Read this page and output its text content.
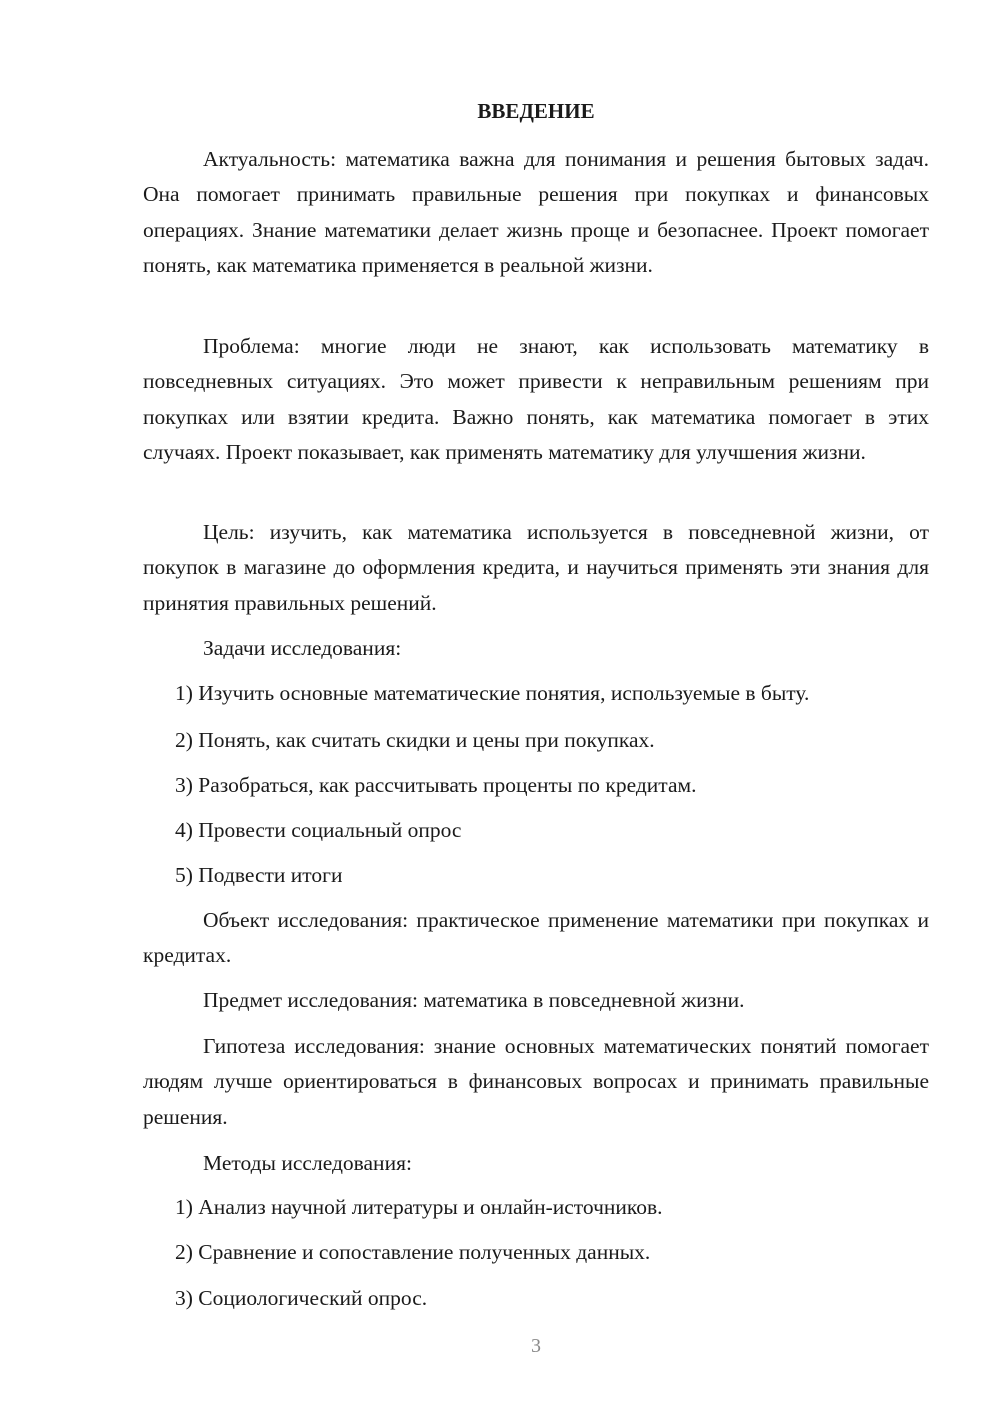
ВВЕДЕНИЕ

Актуальность: математика важна для понимания и решения бытовых задач. Она помогает принимать правильные решения при покупках и финансовых операциях. Знание математики делает жизнь проще и безопаснее. Проект помогает понять, как математика применяется в реальной жизни.

Проблема: многие люди не знают, как использовать математику в повседневных ситуациях. Это может привести к неправильным решениям при покупках или взятии кредита. Важно понять, как математика помогает в этих случаях. Проект показывает, как применять математику для улучшения жизни.

Цель: изучить, как математика используется в повседневной жизни, от покупок в магазине до оформления кредита, и научиться применять эти знания для принятия правильных решений.

Задачи исследования:

1) Изучить основные математические понятия, используемые в быту.

2) Понять, как считать скидки и цены при покупках.

3) Разобраться, как рассчитывать проценты по кредитам.

4) Провести социальный опрос

5) Подвести итоги

Объект исследования: практическое применение математики при покупках и кредитах.

Предмет исследования: математика в повседневной жизни.

Гипотеза исследования: знание основных математических понятий помогает людям лучше ориентироваться в финансовых вопросах и принимать правильные решения.

Методы исследования:

1) Анализ научной литературы и онлайн-источников.

2) Сравнение и сопоставление полученных данных.

3) Социологический опрос.

3
